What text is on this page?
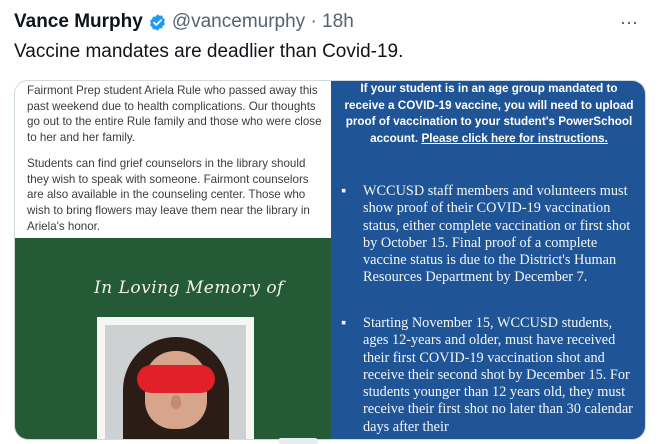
Vance Murphy @vancemurphy · 18h	⋯
Vaccine mandates are deadlier than Covid-19.

Fairmont Prep student Ariela Rule who passed away this past weekend due to health complications. Our thoughts go out to the entire Rule family and those who were close to her and her family.

Students can find grief counselors in the library should they wish to speak with someone. Fairmont counselors are also available in the counseling center. Those who wish to bring flowers may leave them near the library in Ariela's honor.

In Loving Memory of
If your student is in an age group mandated to receive a COVID-19 vaccine, you will need to upload proof of vaccination to your student's PowerSchool account. Please click here for instructions.
▪ WCCUSD staff members and volunteers must show proof of their COVID-19 vaccination status, either complete vaccination or first shot by October 15. Final proof of a complete vaccine status is due to the District's Human Resources Department by December 7.
▪ Starting November 15, WCCUSD students, ages 12-years and older, must have received their first COVID-19 vaccination shot and receive their second shot by December 15. For students younger than 12 years old, they must receive their first shot no later than 30 calendar days after their
